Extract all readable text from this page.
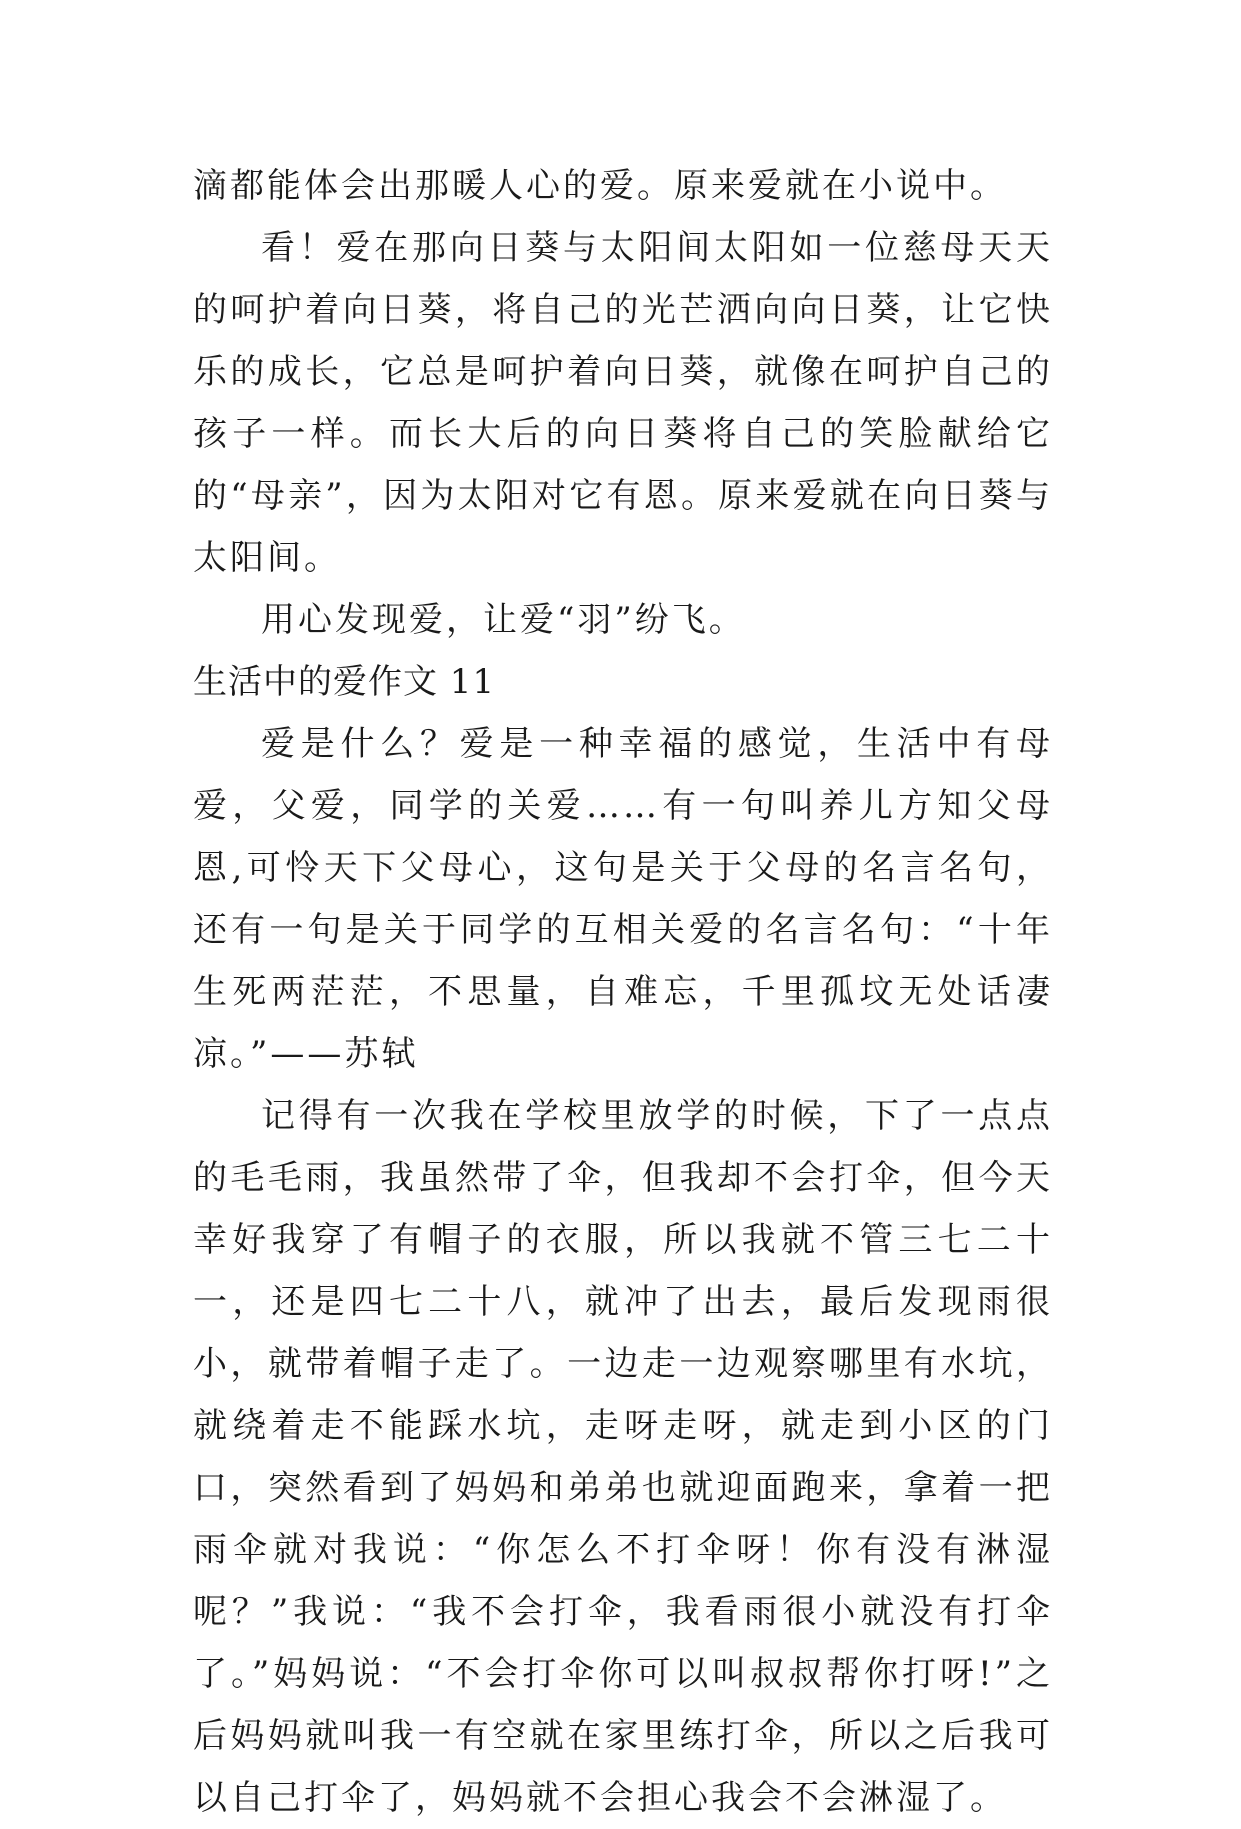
滴都能体会出那暖人心的爱。原来爱就在小说中。

看！爱在那向日葵与太阳间太阳如一位慈母天天的呵护着向日葵，将自己的光芒洒向向日葵，让它快乐的成长，它总是呵护着向日葵，就像在呵护自己的孩子一样。而长大后的向日葵将自己的笑脸献给它的“母亲”，因为太阳对它有恩。原来爱就在向日葵与太阳间。

用心发现爱，让爱“羽”纷飞。

生活中的爱作文 11

爱是什么？爱是一种幸福的感觉，生活中有母爱，父爱，同学的关爱……有一句叫养儿方知父母恩,可怜天下父母心，这句是关于父母的名言名句，还有一句是关于同学的互相关爱的名言名句：“十年生死两茫茫，不思量，自难忘，千里孤坟无处话凄凉。”——苏轼

记得有一次我在学校里放学的时候，下了一点点的毛毛雨，我虽然带了伞，但我却不会打伞，但今天幸好我穿了有帽子的衣服，所以我就不管三七二十一，还是四七二十八，就冲了出去，最后发现雨很小，就带着帽子走了。一边走一边观察哪里有水坑，就绕着走不能踩水坑，走呀走呀，就走到小区的门口，突然看到了妈妈和弟弟也就迎面跑来，拿着一把雨伞就对我说：“你怎么不打伞呀！你有没有淋湿呢？”我说：“我不会打伞，我看雨很小就没有打伞了。”妈妈说：“不会打伞你可以叫叔叔帮你打呀!”之后妈妈就叫我一有空就在家里练打伞，所以之后我可以自己打伞了，妈妈就不会担心我会不会淋湿了。
